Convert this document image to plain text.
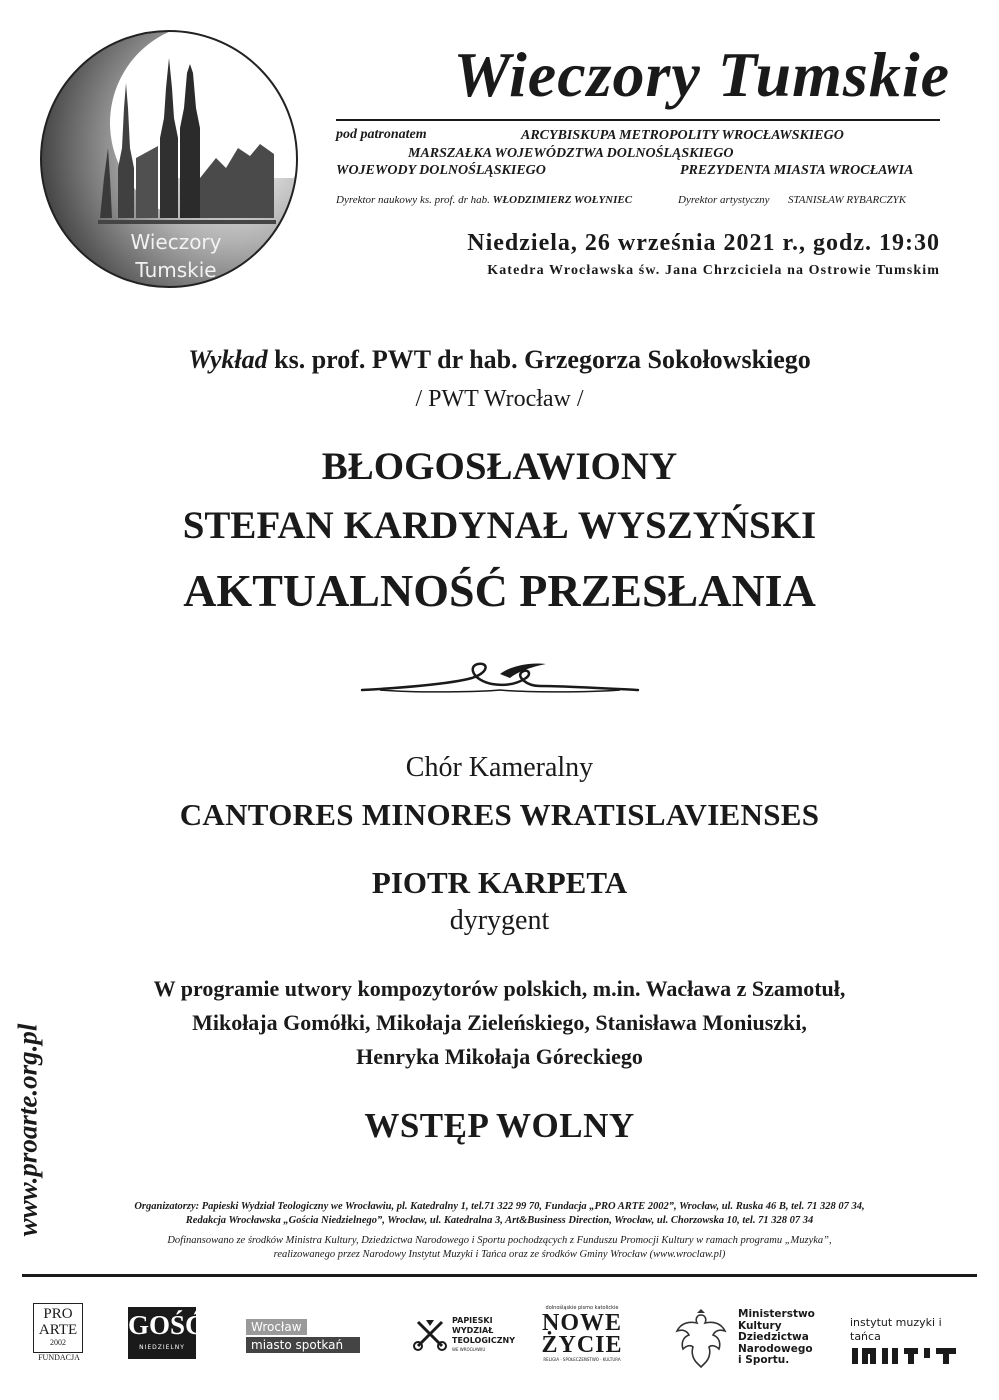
Wieczory
Tumskie
Wieczory Tumskie
pod patronatem	ARCYBISKUPA METROPOLITY WROCŁAWSKIEGO
MARSZAŁKA WOJEWÓDZTWA DOLNOŚLĄSKIEGO
WOJEWODY DOLNOŚLĄSKIEGO	PREZYDENTA MIASTA WROCŁAWIA
Dyrektor naukowy ks. prof. dr hab. WŁODZIMIERZ WOŁYNIEC	Dyrektor artystyczny STANISŁAW RYBARCZYK
Niedziela, 26 września 2021 r., godz. 19:30
Katedra Wrocławska św. Jana Chrzciciela na Ostrowie Tumskim
Wykład ks. prof. PWT dr hab. Grzegorza Sokołowskiego
/ PWT Wrocław /
BŁOGOSŁAWIONY
STEFAN KARDYNAŁ WYSZYŃSKI
AKTUALNOŚĆ PRZESŁANIA
Chór Kameralny
CANTORES MINORES WRATISLAVIENSES
PIOTR KARPETA
dyrygent
W programie utwory kompozytorów polskich, m.in. Wacława z Szamotuł,
Mikołaja Gomółki, Mikołaja Zieleńskiego, Stanisława Moniuszki,
Henryka Mikołaja Góreckiego
WSTĘP WOLNY
www.proarte.org.pl	Organizatorzy: Papieski Wydział Teologiczny we Wrocławiu, pl. Katedralny 1, tel.71 322 99 70, Fundacja „PRO ARTE 2002”, Wrocław, ul. Ruska 46 B, tel. 71 328 07 34,
Redakcja Wrocławska „Gościa Niedzielnego”, Wrocław, ul. Katedralna 3, Art&Business Direction, Wrocław, ul. Chorzowska 10, tel. 71 328 07 34
Dofinansowano ze środków Ministra Kultury, Dziedzictwa Narodowego i Sportu pochodzących z Funduszu Promocji Kultury w ramach programu „Muzyka”,
realizowanego przez Narodowy Instytut Muzyki i Tańca oraz ze środków Gminy Wrocław (www.wroclaw.pl)
PRO
ARTE
2002
FUNDACJA
GOŚĆ
NIEDZIELNY
Wrocław
miasto spotkań
PAPIESKI
WYDZIAŁ
TEOLOGICZNY
WE WROCŁAWIU
dolnośląskie pismo katolickie
NOWE
ŻYCIE
RELIGIA · SPOŁECZEŃSTWO · KULTURA
Ministerstwo
Kultury
Dziedzictwa
Narodowego
i Sportu.
instytut muzyki i tańca
